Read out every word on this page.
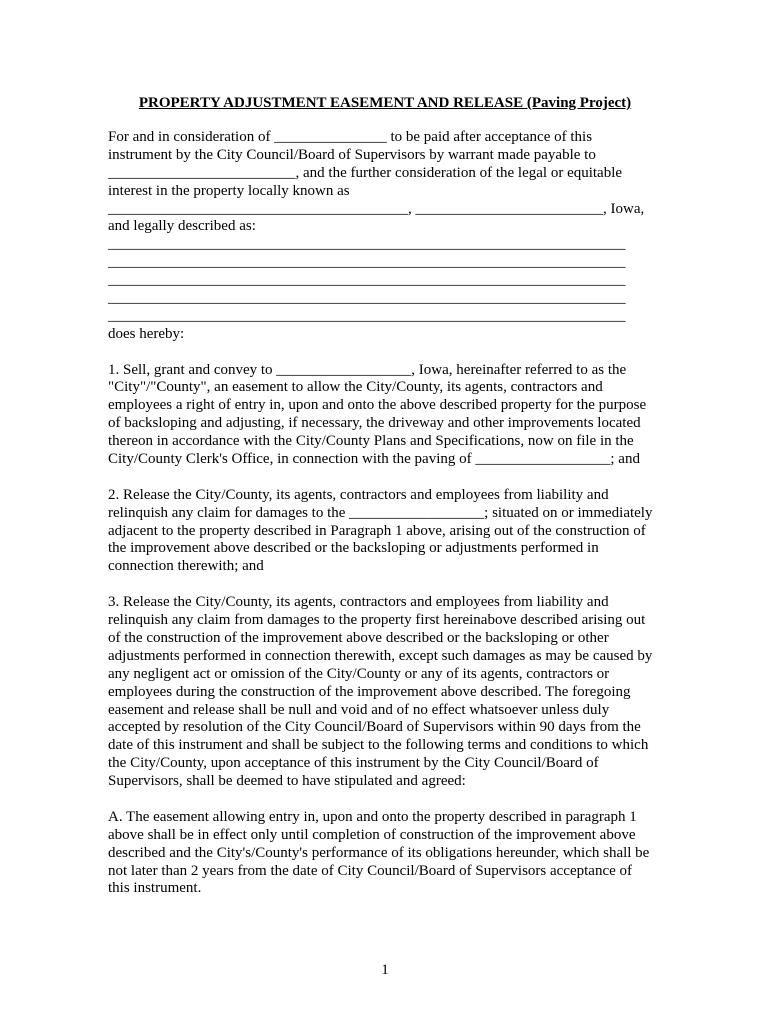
PROPERTY ADJUSTMENT EASEMENT AND RELEASE (Paving Project)
For and in consideration of _______________ to be paid after acceptance of this
instrument by the City Council/Board of Supervisors by warrant made payable to
_________________________, and the further consideration of the legal or equitable
interest in the property locally known as
________________________________________, _________________________, Iowa,
and legally described as:
_____________________________________________________________________
_____________________________________________________________________
_____________________________________________________________________
_____________________________________________________________________
_____________________________________________________________________
does hereby:
1. Sell, grant and convey to __________________, Iowa, hereinafter referred to as the
"City"/"County", an easement to allow the City/County, its agents, contractors and
employees a right of entry in, upon and onto the above described property for the purpose
of backsloping and adjusting, if necessary, the driveway and other improvements located
thereon in accordance with the City/County Plans and Specifications, now on file in the
City/County Clerk's Office, in connection with the paving of __________________; and
2. Release the City/County, its agents, contractors and employees from liability and
relinquish any claim for damages to the __________________; situated on or immediately
adjacent to the property described in Paragraph 1 above, arising out of the construction of
the improvement above described or the backsloping or adjustments performed in
connection therewith; and
3. Release the City/County, its agents, contractors and employees from liability and
relinquish any claim from damages to the property first hereinabove described arising out
of the construction of the improvement above described or the backsloping or other
adjustments performed in connection therewith, except such damages as may be caused by
any negligent act or omission of the City/County or any of its agents, contractors or
employees during the construction of the improvement above described. The foregoing
easement and release shall be null and void and of no effect whatsoever unless duly
accepted by resolution of the City Council/Board of Supervisors within 90 days from the
date of this instrument and shall be subject to the following terms and conditions to which
the City/County, upon acceptance of this instrument by the City Council/Board of
Supervisors, shall be deemed to have stipulated and agreed:
A. The easement allowing entry in, upon and onto the property described in paragraph 1
above shall be in effect only until completion of construction of the improvement above
described and the City's/County's performance of its obligations hereunder, which shall be
not later than 2 years from the date of City Council/Board of Supervisors acceptance of
this instrument.
1
